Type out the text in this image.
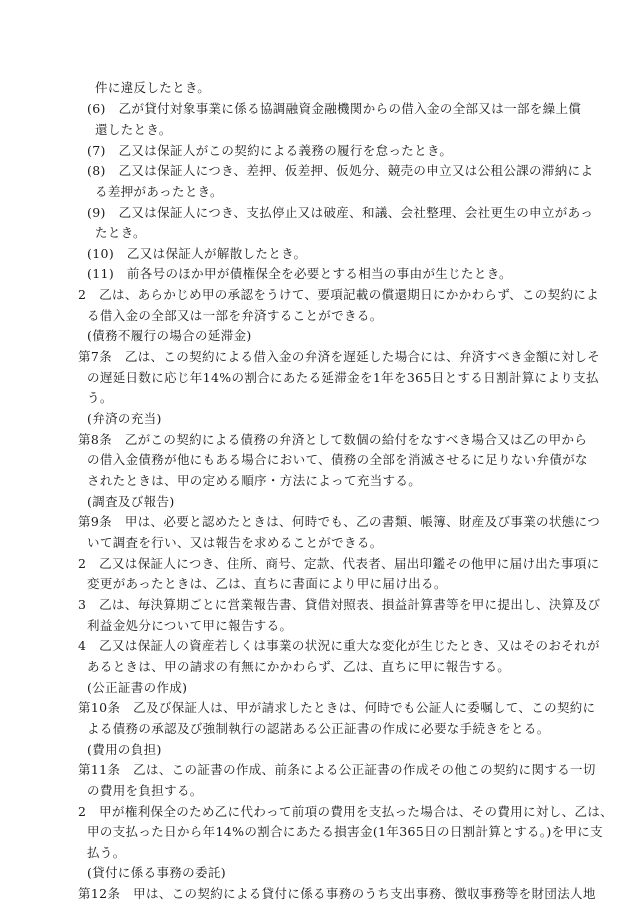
件に違反したとき。
(6)　乙が貸付対象事業に係る協調融資金融機関からの借入金の全部又は一部を繰上償
還したとき。
(7)　乙又は保証人がこの契約による義務の履行を怠ったとき。
(8)　乙又は保証人につき、差押、仮差押、仮処分、競売の申立又は公租公課の滞納によ
る差押があったとき。
(9)　乙又は保証人につき、支払停止又は破産、和議、会社整理、会社更生の申立があっ
たとき。
(10)　乙又は保証人が解散したとき。
(11)　前各号のほか甲が債権保全を必要とする相当の事由が生じたとき。
2　乙は、あらかじめ甲の承認をうけて、要項記載の償還期日にかかわらず、この契約によ
る借入金の全部又は一部を弁済することができる。
(債務不履行の場合の延滞金)
第7条　乙は、この契約による借入金の弁済を遅延した場合には、弁済すべき金額に対しそ
の遅延日数に応じ年14%の割合にあたる延滞金を1年を365日とする日割計算により支払
う。
(弁済の充当)
第8条　乙がこの契約による債務の弁済として数個の給付をなすべき場合又は乙の甲から
の借入金債務が他にもある場合において、債務の全部を消滅させるに足りない弁債がな
されたときは、甲の定める順序・方法によって充当する。
(調査及び報告)
第9条　甲は、必要と認めたときは、何時でも、乙の書類、帳簿、財産及び事業の状態につ
いて調査を行い、又は報告を求めることができる。
2　乙又は保証人につき、住所、商号、定款、代表者、届出印鑑その他甲に届け出た事項に
変更があったときは、乙は、直ちに書面により甲に届け出る。
3　乙は、毎決算期ごとに営業報告書、貸借対照表、損益計算書等を甲に提出し、決算及び
利益金処分について甲に報告する。
4　乙又は保証人の資産若しくは事業の状況に重大な変化が生じたとき、又はそのおそれが
あるときは、甲の請求の有無にかかわらず、乙は、直ちに甲に報告する。
(公正証書の作成)
第10条　乙及び保証人は、甲が請求したときは、何時でも公証人に委嘱して、この契約に
よる債務の承認及び強制執行の認諾ある公正証書の作成に必要な手続きをとる。
(費用の負担)
第11条　乙は、この証書の作成、前条による公正証書の作成その他この契約に関する一切
の費用を負担する。
2　甲が権利保全のため乙に代わって前項の費用を支払った場合は、その費用に対し、乙は、
甲の支払った日から年14%の割合にあたる損害金(1年365日の日割計算とする。)を甲に支
払う。
(貸付に係る事務の委託)
第12条　甲は、この契約による貸付に係る事務のうち支出事務、徴収事務等を財団法人地
